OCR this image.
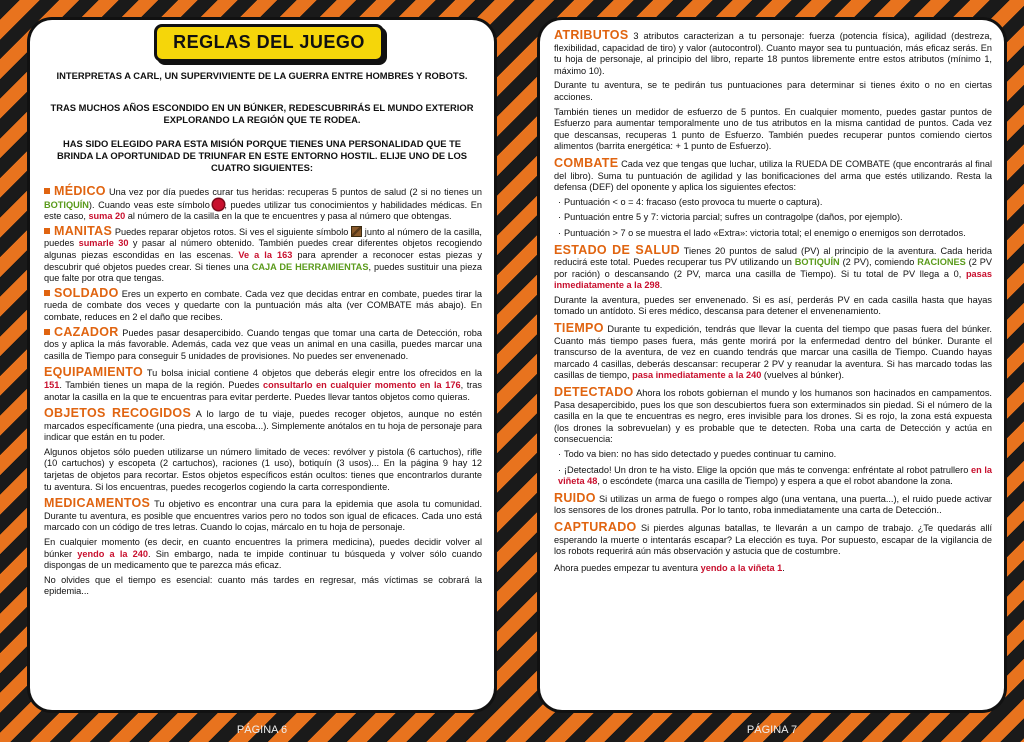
REGLAS DEL JUEGO
INTERPRETAS A CARL, UN SUPERVIVIENTE DE LA GUERRA ENTRE HOMBRES Y ROBOTS.
TRAS MUCHOS AÑOS ESCONDIDO EN UN BÚNKER, REDESCUBRIRÁS EL MUNDO EXTERIOR EXPLORANDO LA REGIÓN QUE TE RODEA.
HAS SIDO ELEGIDO PARA ESTA MISIÓN PORQUE TIENES UNA PERSONALIDAD QUE TE BRINDA LA OPORTUNIDAD DE TRIUNFAR EN ESTE ENTORNO HOSTIL. ELIJE UNO DE LOS CUATRO SIGUIENTES:
MÉDICO Una vez por día puedes curar tus heridas: recuperas 5 puntos de salud (2 si no tienes un BOTIQUÍN). Cuando veas este símbolo , puedes utilizar tus conocimientos y habilidades médicas. En este caso, suma 20 al número de la casilla en la que te encuentres y pasa al número que obtengas.
MANITAS Puedes reparar objetos rotos. Si ves el siguiente símbolo  junto al número de la casilla, puedes sumarle 30 y pasar al número obtenido. También puedes crear diferentes objetos recogiendo algunas piezas escondidas en las escenas. Ve a la 163 para aprender a reconocer estas piezas y descubrir qué objetos puedes crear. Si tienes una CAJA DE HERRAMIENTAS, puedes sustituir una pieza que falte por otra que tengas.
SOLDADO Eres un experto en combate. Cada vez que decidas entrar en combate, puedes tirar la rueda de combate dos veces y quedarte con la puntuación más alta (ver COMBATE más abajo). En combate, reduces en 2 el daño que recibes.
CAZADOR Puedes pasar desapercibido. Cuando tengas que tomar una carta de Detección, roba dos y aplica la más favorable. Además, cada vez que veas un animal en una casilla, puedes marcar una casilla de Tiempo para conseguir 5 unidades de provisiones. No puedes ser envenenado.
EQUIPAMIENTO Tu bolsa inicial contiene 4 objetos que deberás elegir entre los ofrecidos en la 151. También tienes un mapa de la región. Puedes consultarlo en cualquier momento en la 176, tras anotar la casilla en la que te encuentras para evitar perderte. Puedes llevar tantos objetos como quieras.
OBJETOS RECOGIDOS A lo largo de tu viaje, puedes recoger objetos, aunque no estén marcados específicamente (una piedra, una escoba...). Simplemente anótalos en tu hoja de personaje para indicar que están en tu poder.
Algunos objetos sólo pueden utilizarse un número limitado de veces: revólver y pistola (6 cartuchos), rifle (10 cartuchos) y escopeta (2 cartuchos), raciones (1 uso), botiquín (3 usos)... En la página 9 hay 12 tarjetas de objetos para recortar. Estos objetos específicos están ocultos: tienes que encontrarlos durante tu aventura. Si los encuentras, puedes recogerlos cogiendo la carta correspondiente.
MEDICAMENTOS Tu objetivo es encontrar una cura para la epidemia que asola tu comunidad. Durante tu aventura, es posible que encuentres varios pero no todos son igual de eficaces. Cada uno está marcado con un código de tres letras. Cuando lo cojas, márcalo en tu hoja de personaje.
En cualquier momento (es decir, en cuanto encuentres la primera medicina), puedes decidir volver al búnker yendo a la 240. Sin embargo, nada te impide continuar tu búsqueda y volver sólo cuando dispongas de un medicamento que te parezca más eficaz.
No olvides que el tiempo es esencial: cuanto más tardes en regresar, más víctimas se cobrará la epidemia...
ATRIBUTOS 3 atributos caracterizan a tu personaje: fuerza (potencia física), agilidad (destreza, flexibilidad, capacidad de tiro) y valor (autocontrol). Cuanto mayor sea tu puntuación, más eficaz serás. En tu hoja de personaje, al principio del libro, reparte 18 puntos libremente entre estos atributos (mínimo 1, máximo 10).
Durante tu aventura, se te pedirán tus puntuaciones para determinar si tienes éxito o no en ciertas acciones.
También tienes un medidor de esfuerzo de 5 puntos. En cualquier momento, puedes gastar puntos de Esfuerzo para aumentar temporalmente uno de tus atributos en la misma cantidad de puntos. Cada vez que descansas, recuperas 1 punto de Esfuerzo. También puedes recuperar puntos comiendo ciertos alimentos (barrita energética: + 1 punto de Esfuerzo).
COMBATE Cada vez que tengas que luchar, utiliza la RUEDA DE COMBATE (que encontrarás al final del libro). Suma tu puntuación de agilidad y las bonificaciones del arma que estés utilizando. Resta la defensa (DEF) del oponente y aplica los siguientes efectos:
· Puntuación < o = 4: fracaso (esto provoca tu muerte o captura).
· Puntuación entre 5 y 7: victoria parcial; sufres un contragolpe (daños, por ejemplo).
· Puntuación > 7 o se muestra el lado «Extra»: victoria total; el enemigo o enemigos son derrotados.
ESTADO DE SALUD Tienes 20 puntos de salud (PV) al principio de la aventura. Cada herida reducirá este total. Puedes recuperar tus PV utilizando un BOTIQUÍN (2 PV), comiendo RACIONES (2 PV por ración) o descansando (2 PV, marca una casilla de Tiempo). Si tu total de PV llega a 0, pasas inmediatamente a la 298.
Durante la aventura, puedes ser envenenado. Si es así, perderás PV en cada casilla hasta que hayas tomado un antídoto. Si eres médico, descansa para detener el envenenamiento.
TIEMPO Durante tu expedición, tendrás que llevar la cuenta del tiempo que pasas fuera del búnker. Cuanto más tiempo pases fuera, más gente morirá por la enfermedad dentro del búnker. Durante el transcurso de la aventura, de vez en cuando tendrás que marcar una casilla de Tiempo. Cuando hayas marcado 4 casillas, deberás descansar: recuperar 2 PV y reanudar la aventura. Si has marcado todas las casillas de tiempo, pasa inmediatamente a la 240 (vuelves al búnker).
DETECTADO Ahora los robots gobiernan el mundo y los humanos son hacinados en campamentos. Pasa desapercibido, pues los que son descubiertos fuera son exterminados sin piedad. Si el número de la casilla en la que te encuentras es negro, eres invisible para los drones. Si es rojo, la zona está expuesta (los drones la sobrevuelan) y es probable que te detecten. Roba una carta de Detección y actúa en consecuencia:
· Todo va bien: no has sido detectado y puedes continuar tu camino.
· ¡Detectado! Un dron te ha visto. Elige la opción que más te convenga: enfréntate al robot patrullero en la viñeta 48, o escóndete (marca una casilla de Tiempo) y espera a que el robot abandone la zona.
RUIDO Si utilizas un arma de fuego o rompes algo (una ventana, una puerta...), el ruido puede activar los sensores de los drones patrulla. Por lo tanto, roba inmediatamente una carta de Detección..
CAPTURADO Si pierdes algunas batallas, te llevarán a un campo de trabajo. ¿Te quedarás allí esperando la muerte o intentarás escapar? La elección es tuya. Por supuesto, escapar de la vigilancia de los robots requerirá aún más observación y astucia que de costumbre.
Ahora puedes empezar tu aventura yendo a la viñeta 1.
PÁGINA 6	PÁGINA 7
